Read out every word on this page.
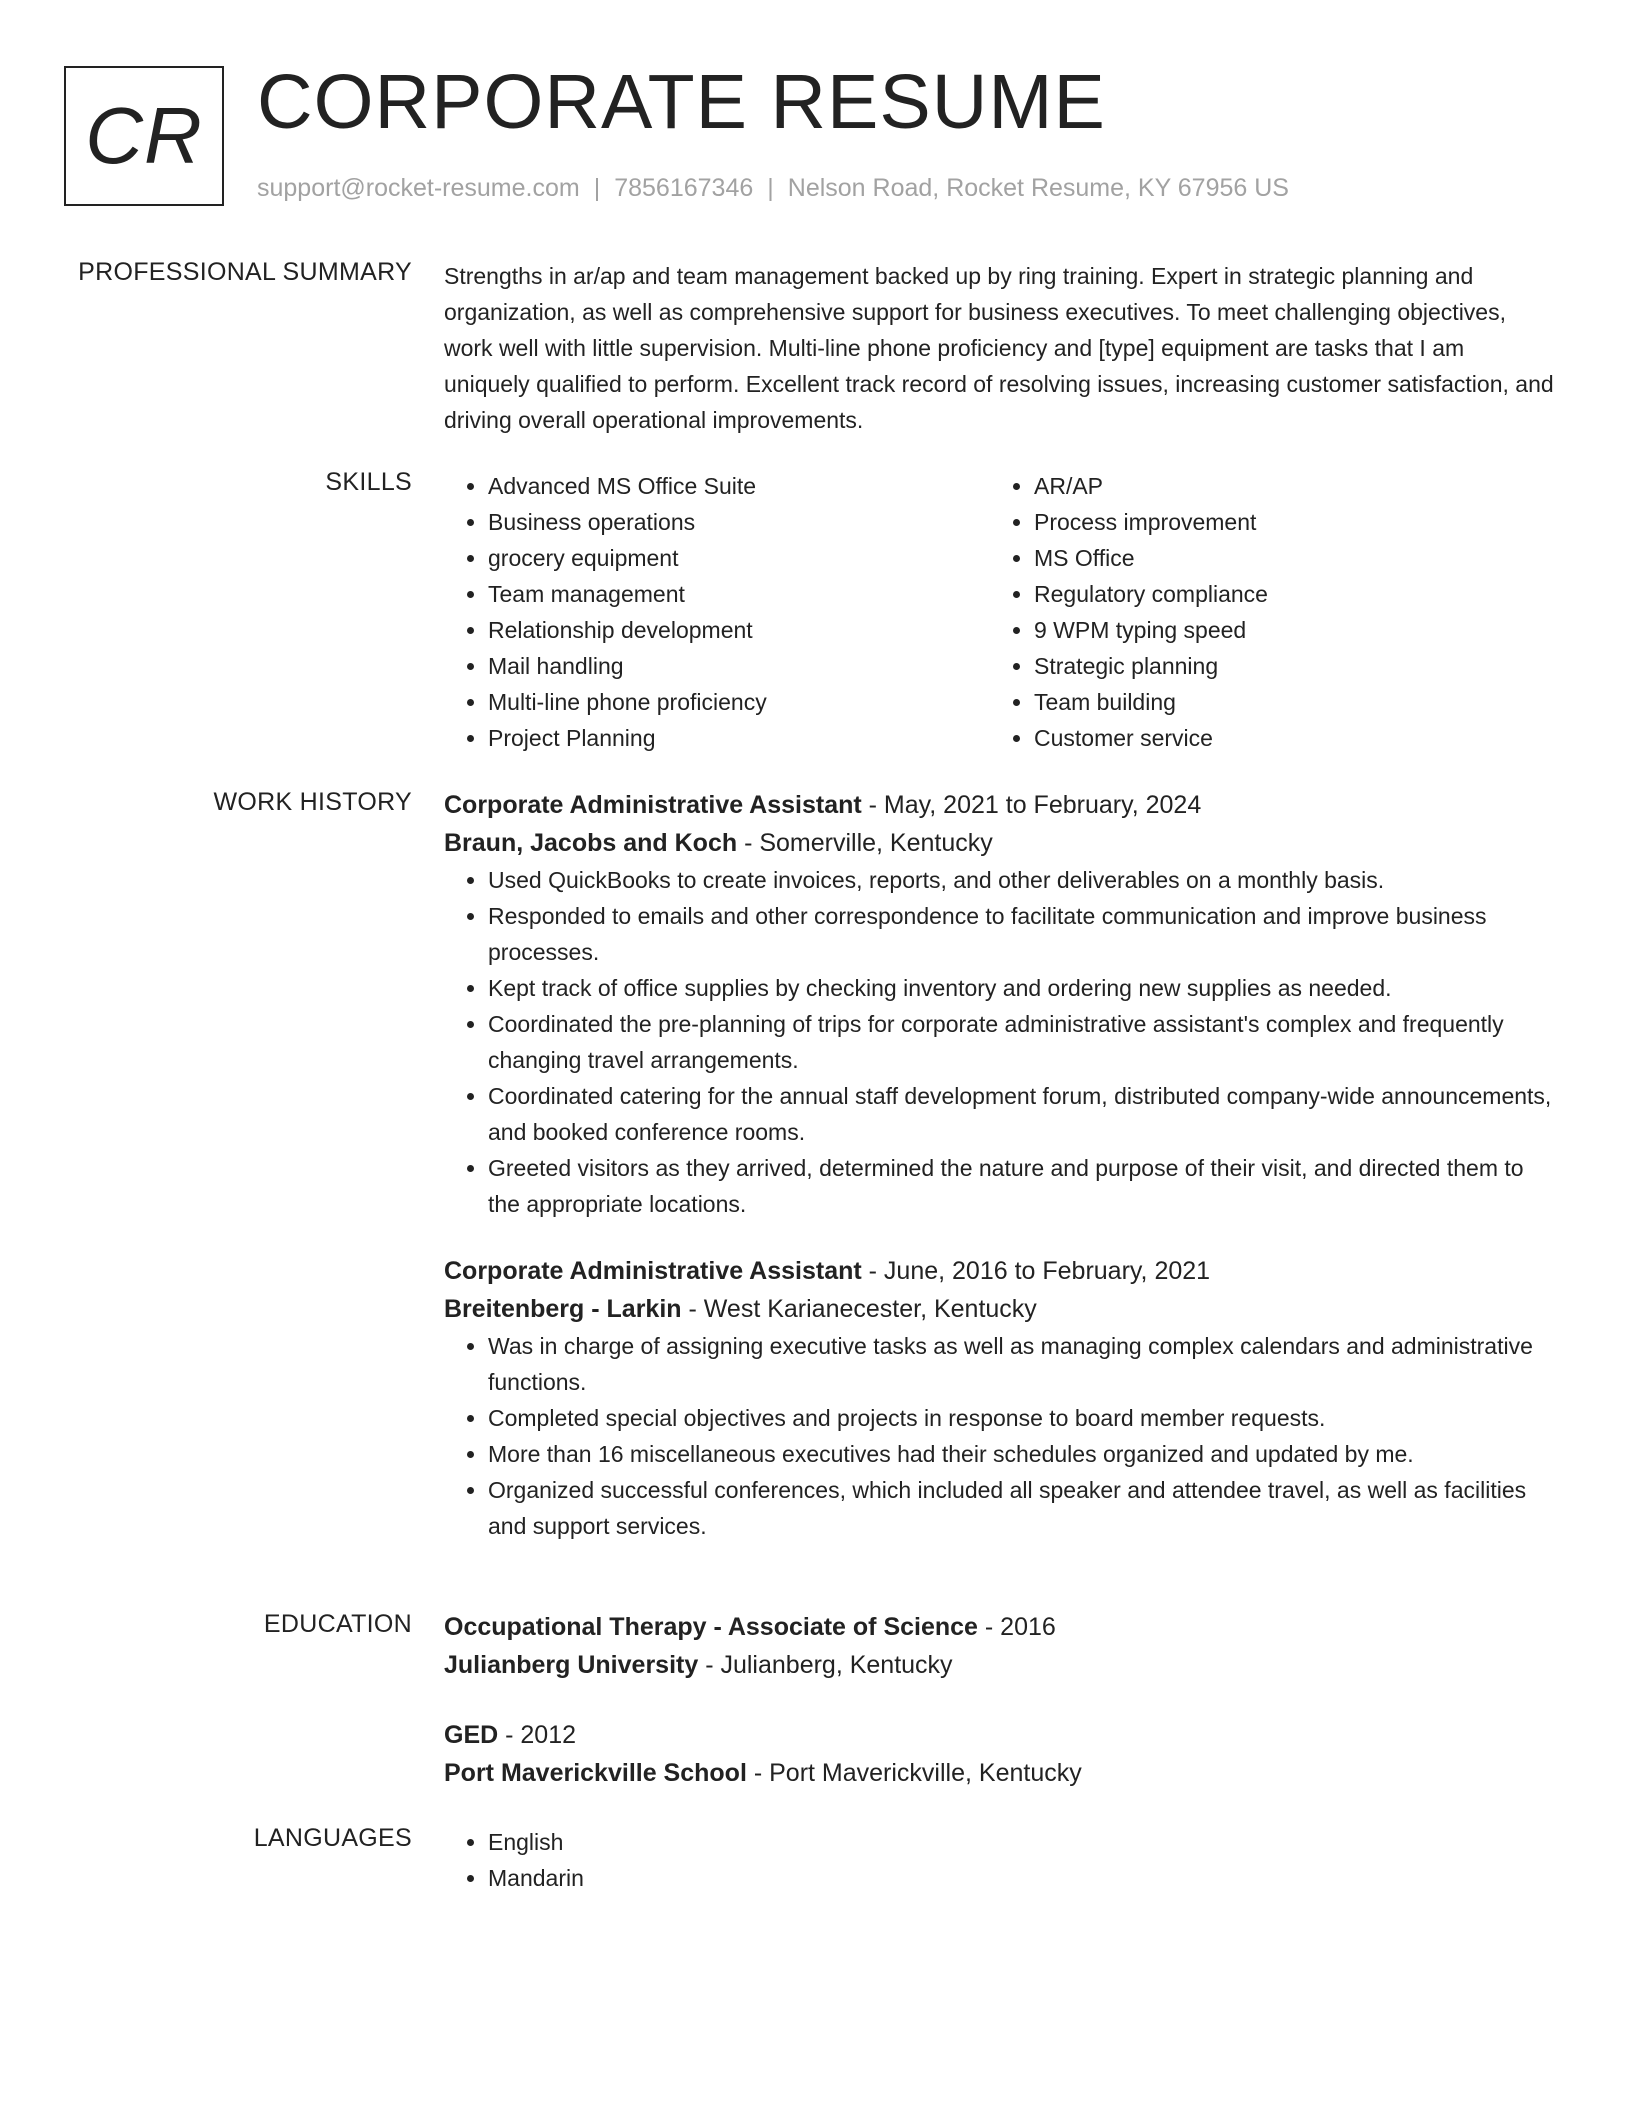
CR CORPORATE RESUME
support@rocket-resume.com | 7856167346 | Nelson Road, Rocket Resume, KY 67956 US
PROFESSIONAL SUMMARY Strengths in ar/ap and team management backed up by ring training. Expert in strategic planning and organization, as well as comprehensive support for business executives. To meet challenging objectives, work well with little supervision. Multi-line phone proficiency and [type] equipment are tasks that I am uniquely qualified to perform. Excellent track record of resolving issues, increasing customer satisfaction, and driving overall operational improvements.

SKILLS	• Advanced MS Office Suite
• Business operations
• grocery equipment
• Team management
• Relationship development
• Mail handling
• Multi-line phone proficiency
• Project Planning
• AR/AP
• Process improvement
• MS Office
• Regulatory compliance
• 9 WPM typing speed
• Strategic planning
• Team building
• Customer service
WORK HISTORY Corporate Administrative Assistant - May, 2021 to February, 2024
Braun, Jacobs and Koch - Somerville, Kentucky
• Used QuickBooks to create invoices, reports, and other deliverables on a monthly basis.
• Responded to emails and other correspondence to facilitate communication and improve business processes.
• Kept track of office supplies by checking inventory and ordering new supplies as needed.
• Coordinated the pre-planning of trips for corporate administrative assistant's complex and frequently changing travel arrangements.
• Coordinated catering for the annual staff development forum, distributed company-wide announcements, and booked conference rooms.
• Greeted visitors as they arrived, determined the nature and purpose of their visit, and directed them to the appropriate locations.
Corporate Administrative Assistant - June, 2016 to February, 2021
Breitenberg - Larkin - West Karianecester, Kentucky
• Was in charge of assigning executive tasks as well as managing complex calendars and administrative functions.
• Completed special objectives and projects in response to board member requests.
• More than 16 miscellaneous executives had their schedules organized and updated by me.
• Organized successful conferences, which included all speaker and attendee travel, as well as facilities and support services.
EDUCATION Occupational Therapy - Associate of Science - 2016
Julianberg University - Julianberg, Kentucky
GED - 2012
Port Maverickville School - Port Maverickville, Kentucky
LANGUAGES	• English
• Mandarin
